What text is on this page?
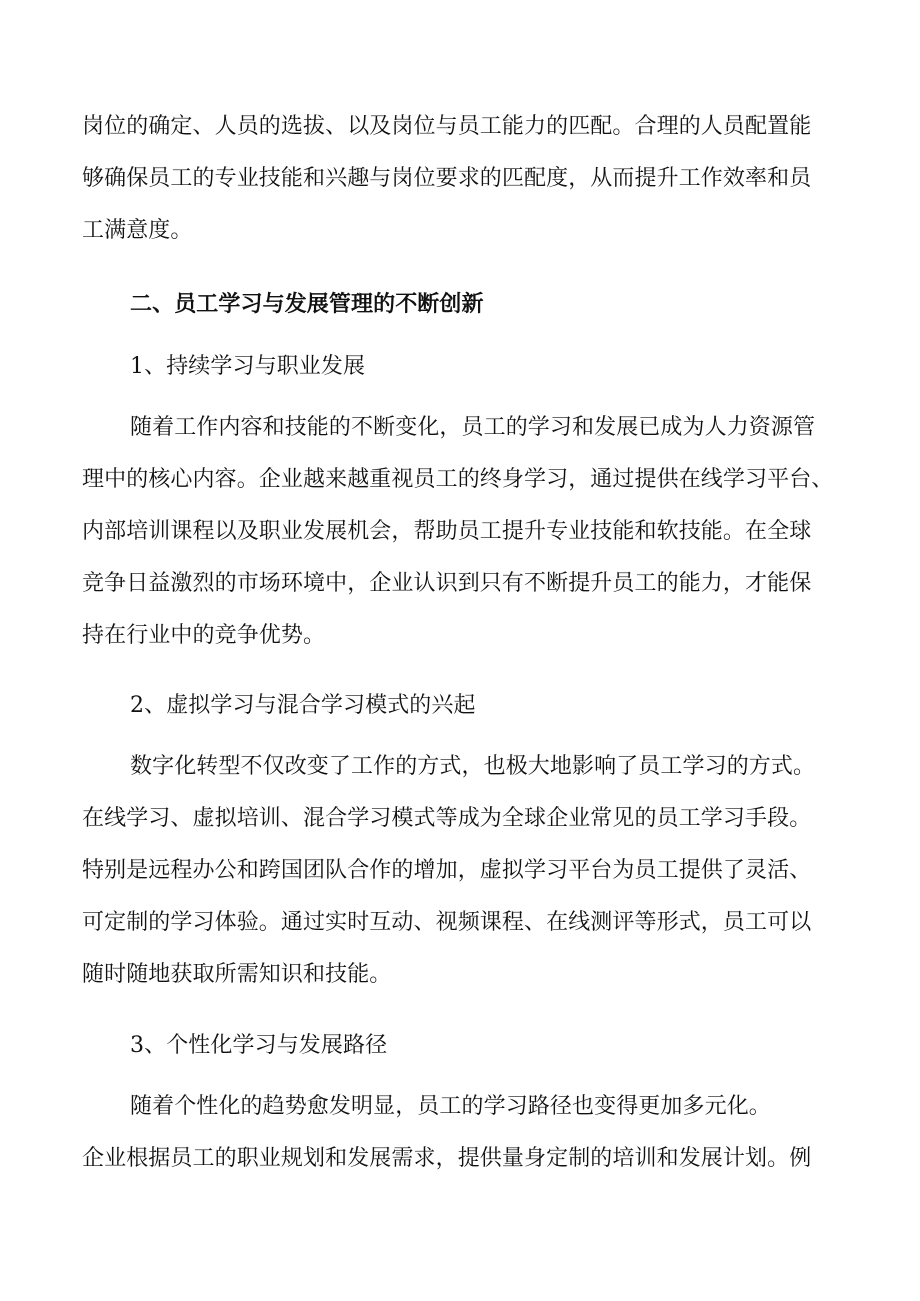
岗位的确定、人员的选拔、以及岗位与员工能力的匹配。合理的人员配置能
够确保员工的专业技能和兴趣与岗位要求的匹配度，从而提升工作效率和员
工满意度。
二、员工学习与发展管理的不断创新
1、持续学习与职业发展
随着工作内容和技能的不断变化，员工的学习和发展已成为人力资源管
理中的核心内容。企业越来越重视员工的终身学习，通过提供在线学习平台、
内部培训课程以及职业发展机会，帮助员工提升专业技能和软技能。在全球
竞争日益激烈的市场环境中，企业认识到只有不断提升员工的能力，才能保
持在行业中的竞争优势。
2、虚拟学习与混合学习模式的兴起
数字化转型不仅改变了工作的方式，也极大地影响了员工学习的方式。
在线学习、虚拟培训、混合学习模式等成为全球企业常见的员工学习手段。
特别是远程办公和跨国团队合作的增加，虚拟学习平台为员工提供了灵活、
可定制的学习体验。通过实时互动、视频课程、在线测评等形式，员工可以
随时随地获取所需知识和技能。
3、个性化学习与发展路径
随着个性化的趋势愈发明显，员工的学习路径也变得更加多元化。
企业根据员工的职业规划和发展需求，提供量身定制的培训和发展计划。例
